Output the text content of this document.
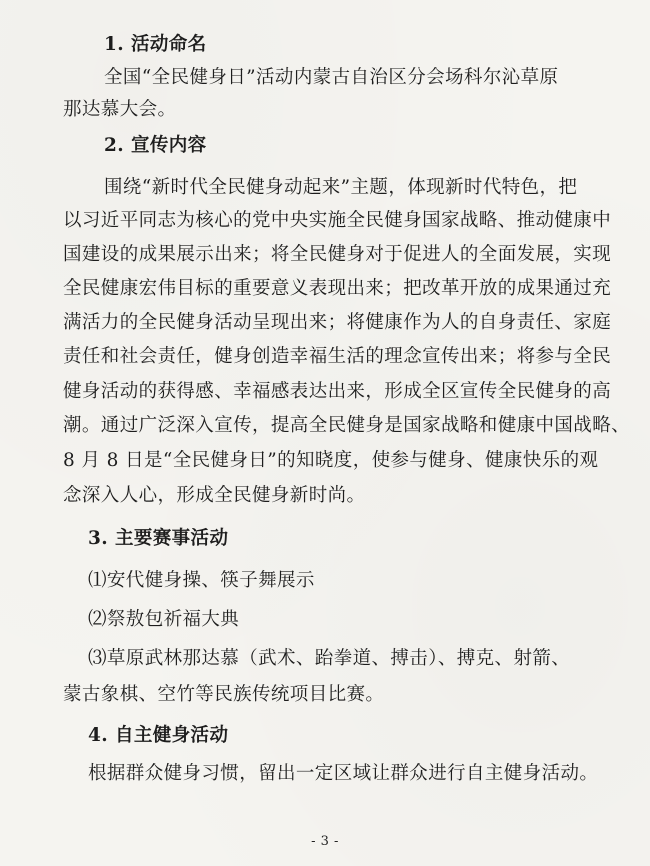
1. 活动命名
全国“全民健身日”活动内蒙古自治区分会场科尔沁草原
那达慕大会。
2. 宣传内容
围绕“新时代全民健身动起来”主题，体现新时代特色，把
以习近平同志为核心的党中央实施全民健身国家战略、推动健康中
国建设的成果展示出来；将全民健身对于促进人的全面发展，实现
全民健康宏伟目标的重要意义表现出来；把改革开放的成果通过充
满活力的全民健身活动呈现出来；将健康作为人的自身责任、家庭
责任和社会责任，健身创造幸福生活的理念宣传出来；将参与全民
健身活动的获得感、幸福感表达出来，形成全区宣传全民健身的高
潮。通过广泛深入宣传，提高全民健身是国家战略和健康中国战略、
8 月 8 日是“全民健身日”的知晓度，使参与健身、健康快乐的观
念深入人心，形成全民健身新时尚。
3. 主要赛事活动
⑴安代健身操、筷子舞展示
⑵祭敖包祈福大典
⑶草原武林那达慕（武术、跆拳道、搏击）、搏克、射箭、
蒙古象棋、空竹等民族传统项目比赛。
4. 自主健身活动
根据群众健身习惯，留出一定区域让群众进行自主健身活动。
- 3 -
